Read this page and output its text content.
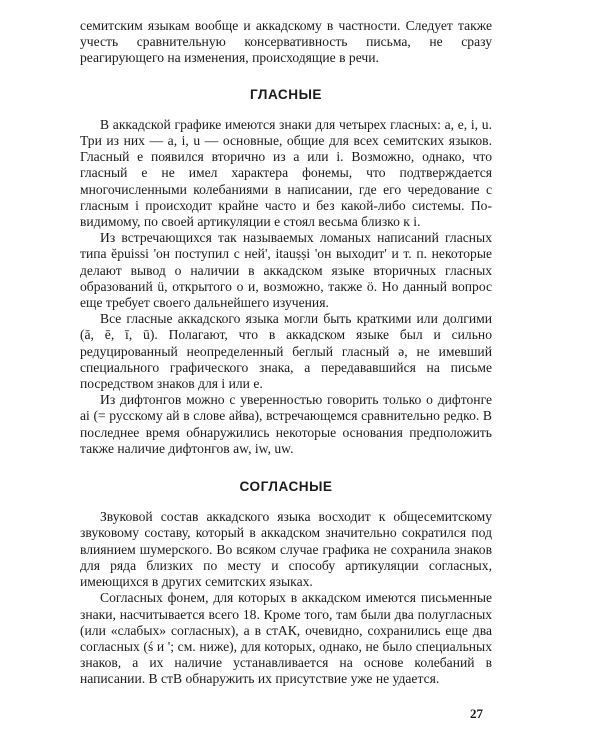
семитским языкам вообще и аккадскому в частности. Следует также учесть сравнительную консервативность письма, не сразу реагирующего на изменения, происходящие в речи.

ГЛАСНЫЕ

В аккадской графике имеются знаки для четырех гласных: a, e, i, u. Три из них — a, i, u — основные, общие для всех семитских языков. Гласный e появился вторично из a или i. Возможно, однако, что гласный e не имел характера фонемы, что подтверждается многочисленными колебаниями в написании, где его чередование с гласным i происходит крайне часто и без какой-либо системы. По-видимому, по своей артикуляции e стоял весьма близко к i.

Из встречающихся так называемых ломаных написаний гласных типа ĕpuissi 'он поступил с ней', itauṣṣi 'он выходит' и т. п. некоторые делают вывод о наличии в аккадском языке вторичных гласных образований ü, открытого o и, возможно, также ö. Но данный вопрос еще требует своего дальнейшего изучения.

Все гласные аккадского языка могли быть краткими или долгими (ā, ē, ī, ū). Полагают, что в аккадском языке был и сильно редуцированный неопределенный беглый гласный ə, не имевший специального графического знака, а передававшийся на письме посредством знаков для i или e.

Из дифтонгов можно с уверенностью говорить только о дифтонге ai (= русскому ай в слове айва), встречающемся сравнительно редко. В последнее время обнаружились некоторые основания предположить также наличие дифтонгов aw, iw, uw.

СОГЛАСНЫЕ

Звуковой состав аккадского языка восходит к общесемитскому звуковому составу, который в аккадском значительно сократился под влиянием шумерского. Во всяком случае графика не сохранила знаков для ряда близких по месту и способу артикуляции согласных, имеющихся в других семитских языках.

Согласных фонем, для которых в аккадском имеются письменные знаки, насчитывается всего 18. Кроме того, там были два полугласных (или «слабых» согласных), а в стАК, очевидно, сохранились еще два согласных (ś и '; см. ниже), для которых, однако, не было специальных знаков, а их наличие устанавливается на основе колебаний в написании. В стВ обнаружить их присутствие уже не удается.

27
